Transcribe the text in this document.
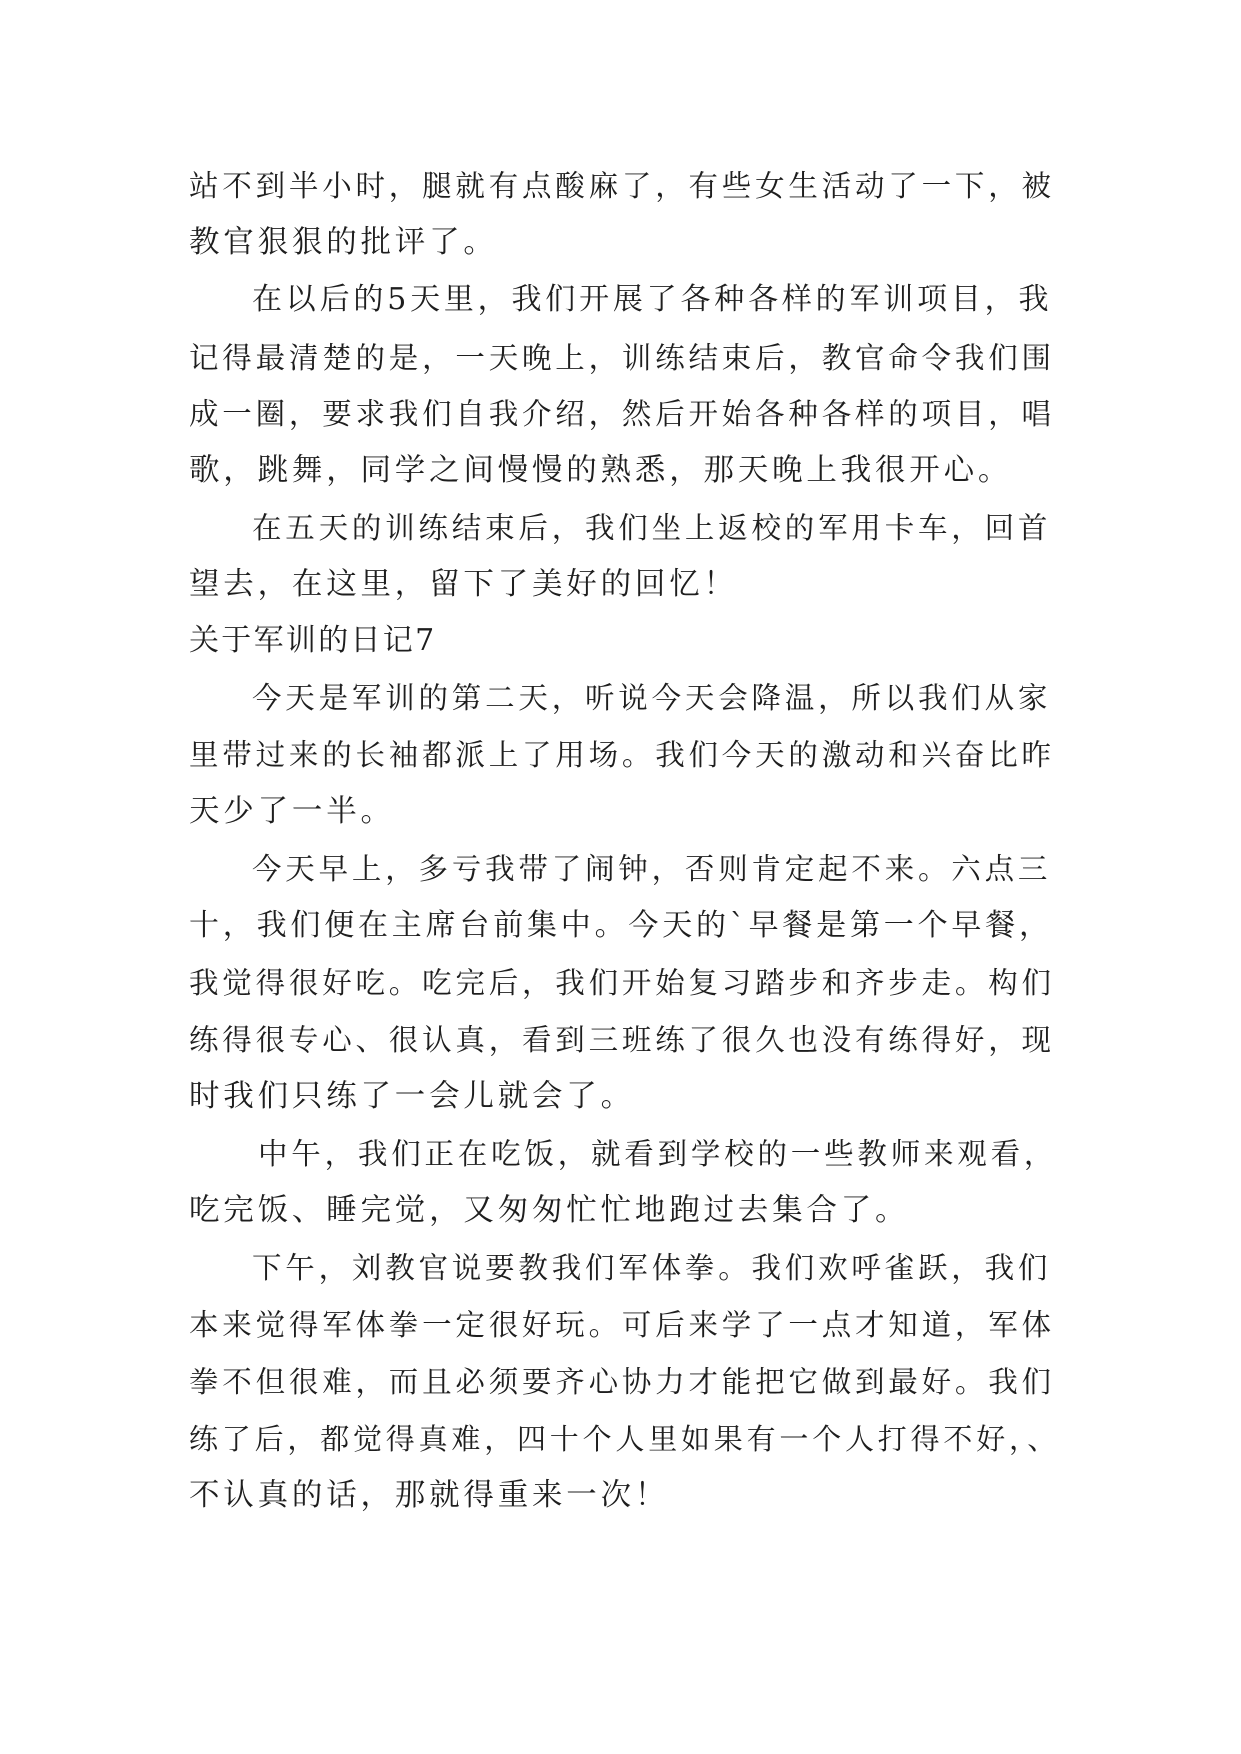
站不到半小时，腿就有点酸麻了，有些女生活动了一下，被
教官狠狠的批评了。
在以后的5天里，我们开展了各种各样的军训项目，我
记得最清楚的是，一天晚上，训练结束后，教官命令我们围
成一圈，要求我们自我介绍，然后开始各种各样的项目，唱
歌，跳舞，同学之间慢慢的熟悉，那天晚上我很开心。
在五天的训练结束后，我们坐上返校的军用卡车，回首
望去，在这里，留下了美好的回忆！
关于军训的日记7
今天是军训的第二天，听说今天会降温，所以我们从家
里带过来的长袖都派上了用场。我们今天的激动和兴奋比昨
天少了一半。
今天早上，多亏我带了闹钟，否则肯定起不来。六点三
十，我们便在主席台前集中。今天的`早餐是第一个早餐，
我觉得很好吃。吃完后，我们开始复习踏步和齐步走。构们
练得很专心、很认真，看到三班练了很久也没有练得好，现
时我们只练了一会儿就会了。
中午，我们正在吃饭，就看到学校的一些教师来观看，
吃完饭、睡完觉，又匆匆忙忙地跑过去集合了。
下午，刘教官说要教我们军体拳。我们欢呼雀跃，我们
本来觉得军体拳一定很好玩。可后来学了一点才知道，军体
拳不但很难，而且必须要齐心协力才能把它做到最好。我们
练了后，都觉得真难，四十个人里如果有一个人打得不好，、
不认真的话，那就得重来一次！
